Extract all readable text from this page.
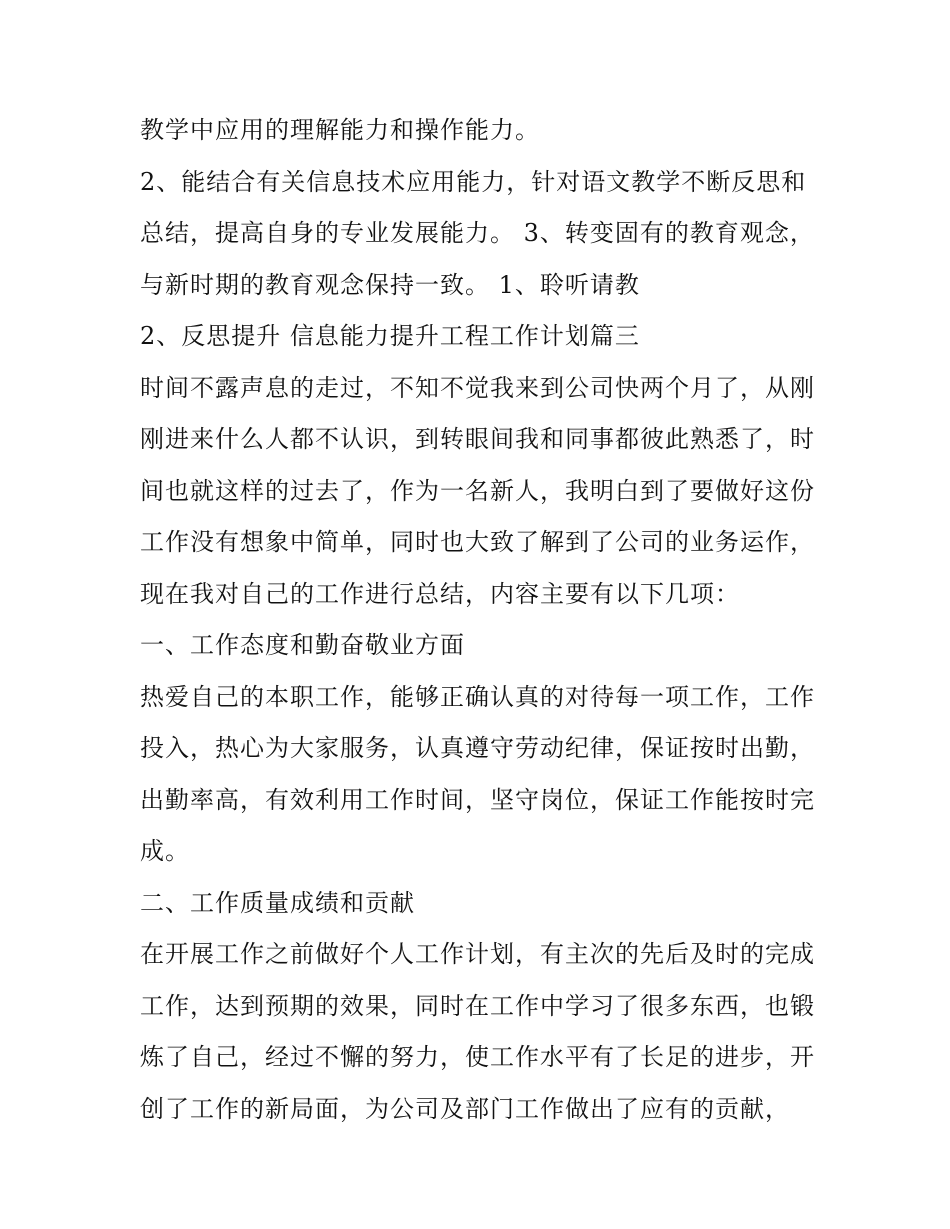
教学中应用的理解能力和操作能力。
2、能结合有关信息技术应用能力，针对语文教学不断反思和
总结，提高自身的专业发展能力。 3、转变固有的教育观念，
与新时期的教育观念保持一致。 1、聆听请教
2、反思提升 信息能力提升工程工作计划篇三
时间不露声息的走过，不知不觉我来到公司快两个月了，从刚
刚进来什么人都不认识，到转眼间我和同事都彼此熟悉了，时
间也就这样的过去了，作为一名新人，我明白到了要做好这份
工作没有想象中简单，同时也大致了解到了公司的业务运作，
现在我对自己的工作进行总结，内容主要有以下几项：
一、工作态度和勤奋敬业方面
热爱自己的本职工作，能够正确认真的对待每一项工作，工作
投入，热心为大家服务，认真遵守劳动纪律，保证按时出勤，
出勤率高，有效利用工作时间，坚守岗位，保证工作能按时完
成。
二、工作质量成绩和贡献
在开展工作之前做好个人工作计划，有主次的先后及时的完成
工作，达到预期的效果，同时在工作中学习了很多东西，也锻
炼了自己，经过不懈的努力，使工作水平有了长足的进步，开
创了工作的新局面，为公司及部门工作做出了应有的贡献，
